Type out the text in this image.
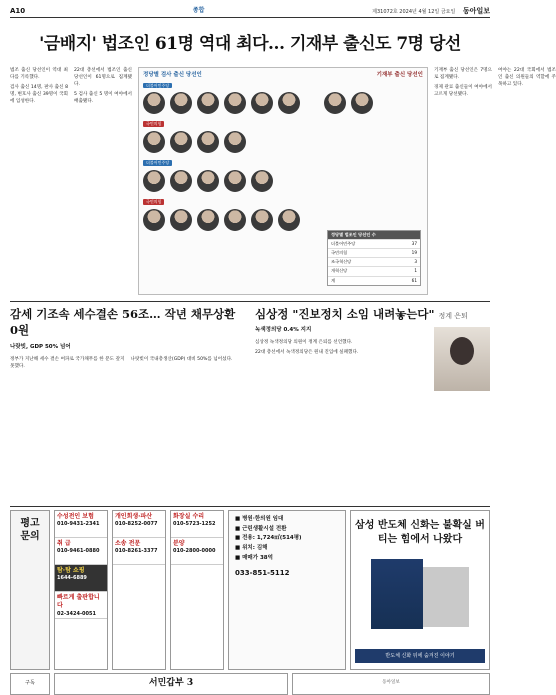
A10	종합	제31072호 2024년 4월 12일 금요일 동아일보
'금배지' 법조인 61명 역대 최다… 기재부 출신도 7명 당선

법조 출신 당선인이 역대 최다를 기록했다.

검사 출신 14명, 판사 출신 8명, 변호사 출신 39명이 국회에 입성한다.

22대 총선에서 법조인 출신 당선인이 61명으로 집계됐다.

5 검사 출신 5 명이 여야에서 배출됐다.

정당별 검사 출신 당선인	기재부 출신 당선인
더불어민주당
국민의힘
더불어민주당
국민의힘
정당별 법조인 당선인 수
더불어민주당	37
국민의힘	19
조국혁신당	3
개혁신당	1
계	61

기재부 출신 당선인은 7명으로 집계됐다.

경제 관료 출신들이 여야에서 고르게 당선됐다.

여야는 22대 국회에서 법조인 출신 의원들의 역할에 주목하고 있다.

감세 기조속 세수결손 56조… 작년 채무상환 0원
나랏빚, GDP 50% 넘어
정부가 지난해 세수 결손 여파로 국가채무를 한 푼도 갚지 못했다.
나랏빚이 국내총생산(GDP) 대비 50%를 넘어섰다.
심상정 "진보정치 소임 내려놓는다" 정계 은퇴
녹색정의당 0.4% 지지

심상정 녹색정의당 의원이 정계 은퇴를 선언했다.

22대 총선에서 녹색정의당은 원내 진입에 실패했다.

평고
문의
수성전인 보험
010-9431-2341
취 급
010-9461-0880
탐·탐 쇼핑
1644-6889
빠르게 출판합니다
02-3424-0051
개인회생·파산
010-8252-0077
소송 전문
010-8261-3377
화장실 수리
010-5723-1252
분양
010-2800-0000
■ 병원·한의원 임대
■ 근린생활시설 전환
■ 전용: 1,724㎡(514평)
■ 위치: 김해
■ 매매가 38억
033-851-5112
삼성 반도체 신화는 불확실 버티는 힘에서 나왔다
반도체 신화 뒤에 숨겨진 이야기
구독	서민갑부 3	동아일보
